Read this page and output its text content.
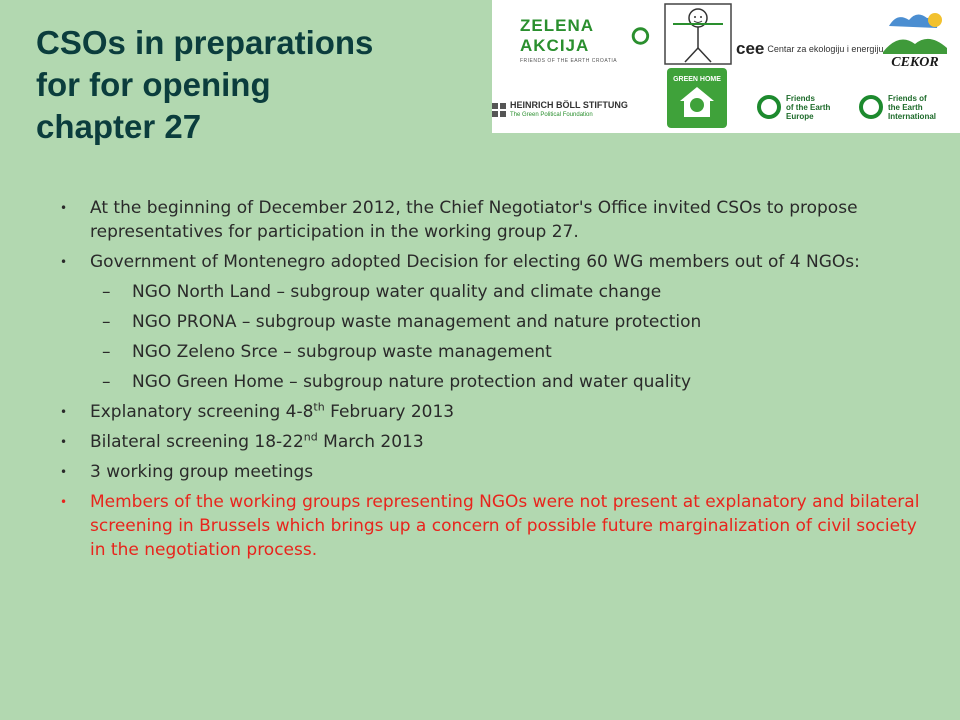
CSOs in preparations
for for opening
chapter 27
ZELENA AKCIJA
FRIENDS OF THE EARTH CROATIA
cee Centar za ekologiju i energiju
CEKOR
HEINRICH BÖLL STIFTUNG
The Green Political Foundation
GREEN HOME
Friends
of the Earth
Europe
Friends of
the Earth
International
•	At the beginning of December 2012, the Chief Negotiator's Office invited CSOs to propose representatives for participation in the working group 27.
•	Government of Montenegro adopted Decision for electing 60 WG members out of 4 NGOs:
– NGO North Land – subgroup water quality and climate change
– NGO PRONA – subgroup waste management and nature protection
– NGO Zeleno Srce – subgroup waste management
– NGO Green Home – subgroup nature protection and water quality
•	Explanatory screening 4-8th February 2013
•	Bilateral screening 18-22nd March 2013
•	3 working group meetings
•	Members of the working groups representing NGOs were not present at explanatory and bilateral screening in Brussels which brings up a concern of possible future marginalization of civil society in the negotiation process.
